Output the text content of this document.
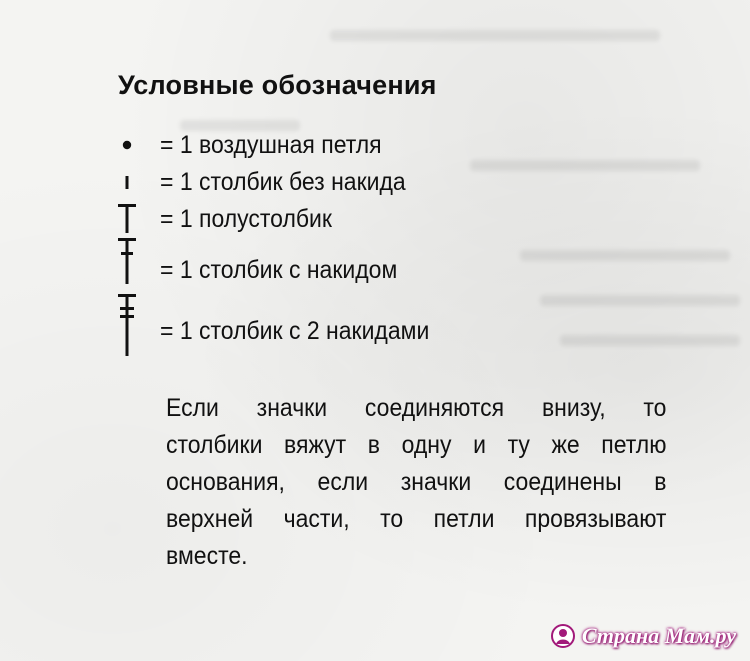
Условные обозначения
= 1 воздушная петля
= 1 столбик без накида
= 1 полустолбик
= 1 столбик с накидом
= 1 столбик с 2 накидами
Если значки соединяются внизу, то
столбики вяжут в одну и ту же петлю
основания, если значки соединены в
верхней части, то петли провязывают
вместе.
Страна Мам.ру
